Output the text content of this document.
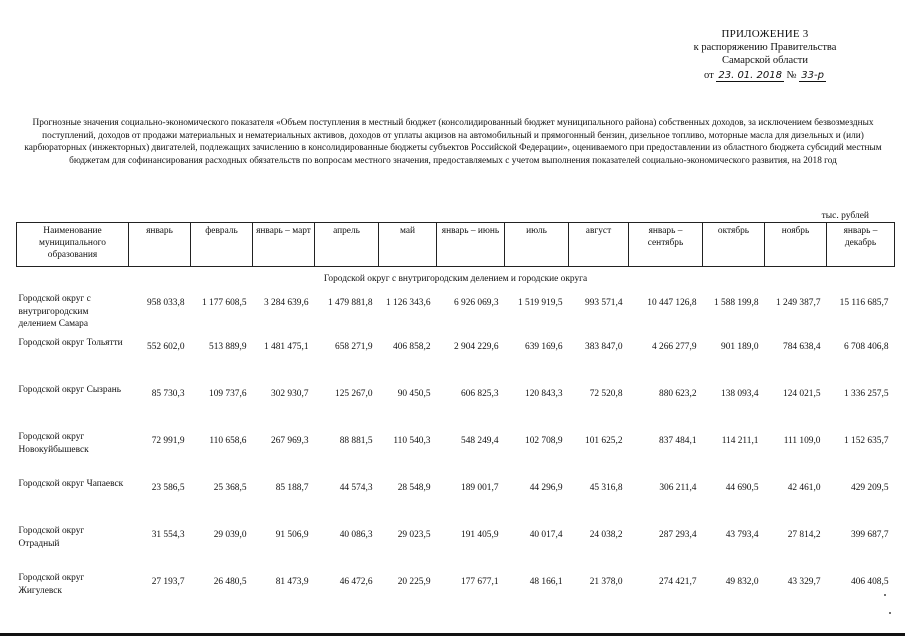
ПРИЛОЖЕНИЕ 3
к распоряжению Правительства
Самарской области
от 23. 01. 2018 № 33-р
Прогнозные значения социально-экономического показателя «Объем поступления в местный бюджет (консолидированный бюджет муниципального района) собственных доходов, за исключением безвозмездных поступлений, доходов от продажи материальных и нематериальных активов, доходов от уплаты акцизов на автомобильный и прямогонный бензин, дизельное топливо, моторные масла для дизельных и (или) карбюраторных (инжекторных) двигателей, подлежащих зачислению в консолидированные бюджеты субъектов Российской Федерации», оцениваемого при предоставлении из областного бюджета субсидий местным бюджетам для софинансирования расходных обязательств по вопросам местного значения, предоставляемых с учетом выполнения показателей социально-экономического развития, на 2018 год
тыс. рублей
Наименование муниципального образования	январь	февраль	январь – март	апрель	май	январь – июнь	июль	август	январь – сентябрь	октябрь	ноябрь	январь – декабрь
Городской округ с внутригородским делением и городские округа												
Городской округ с внутригородским делением Самара	958 033,8	1 177 608,5	3 284 639,6	1 479 881,8	1 126 343,6	6 926 069,3	1 519 919,5	993 571,4	10 447 126,8	1 588 199,8	1 249 387,7	15 116 685,7
Городской округ Тольятти	552 602,0	513 889,9	1 481 475,1	658 271,9	406 858,2	2 904 229,6	639 169,6	383 847,0	4 266 277,9	901 189,0	784 638,4	6 708 406,8
Городской округ Сызрань	85 730,3	109 737,6	302 930,7	125 267,0	90 450,5	606 825,3	120 843,3	72 520,8	880 623,2	138 093,4	124 021,5	1 336 257,5
Городской округ Новокуйбышевск	72 991,9	110 658,6	267 969,3	88 881,5	110 540,3	548 249,4	102 708,9	101 625,2	837 484,1	114 211,1	111 109,0	1 152 635,7
Городской округ Чапаевск	23 586,5	25 368,5	85 188,7	44 574,3	28 548,9	189 001,7	44 296,9	45 316,8	306 211,4	44 690,5	42 461,0	429 209,5
Городской округ Отрадный	31 554,3	29 039,0	91 506,9	40 086,3	29 023,5	191 405,9	40 017,4	24 038,2	287 293,4	43 793,4	27 814,2	399 687,7
Городской округ Жигулевск	27 193,7	26 480,5	81 473,9	46 472,6	20 225,9	177 677,1	48 166,1	21 378,0	274 421,7	49 832,0	43 329,7	406 408,5
